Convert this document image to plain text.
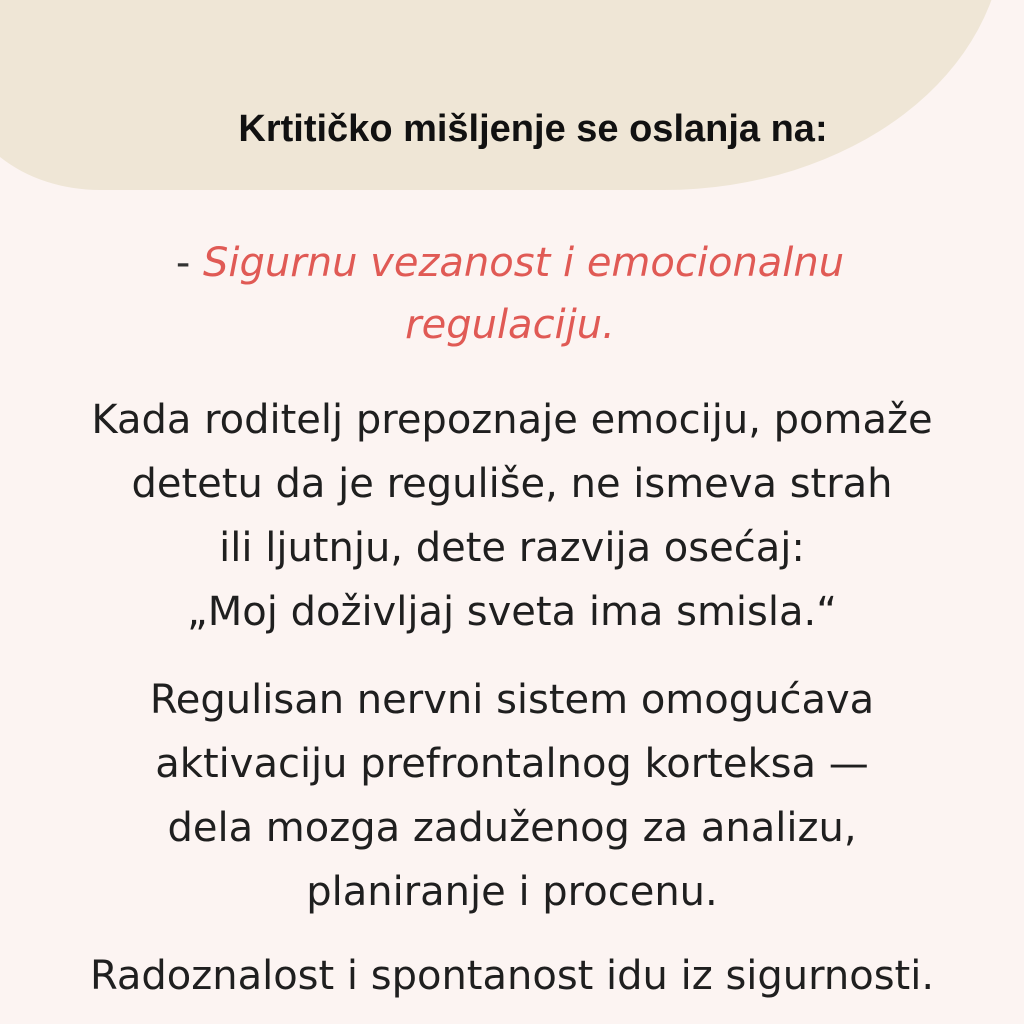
Krtitičko mišljenje se oslanja na:

- Sigurnu vezanost i emocionalnu
regulaciju.

Kada roditelj prepoznaje emociju, pomaže
detetu da je reguliše, ne ismeva strah
ili ljutnju, dete razvija osećaj:
„Moj doživljaj sveta ima smisla.“

Regulisan nervni sistem omogućava
aktivaciju prefrontalnog korteksa —
dela mozga zaduženog za analizu,
planiranje i procenu.

Radoznalost i spontanost idu iz sigurnosti.
